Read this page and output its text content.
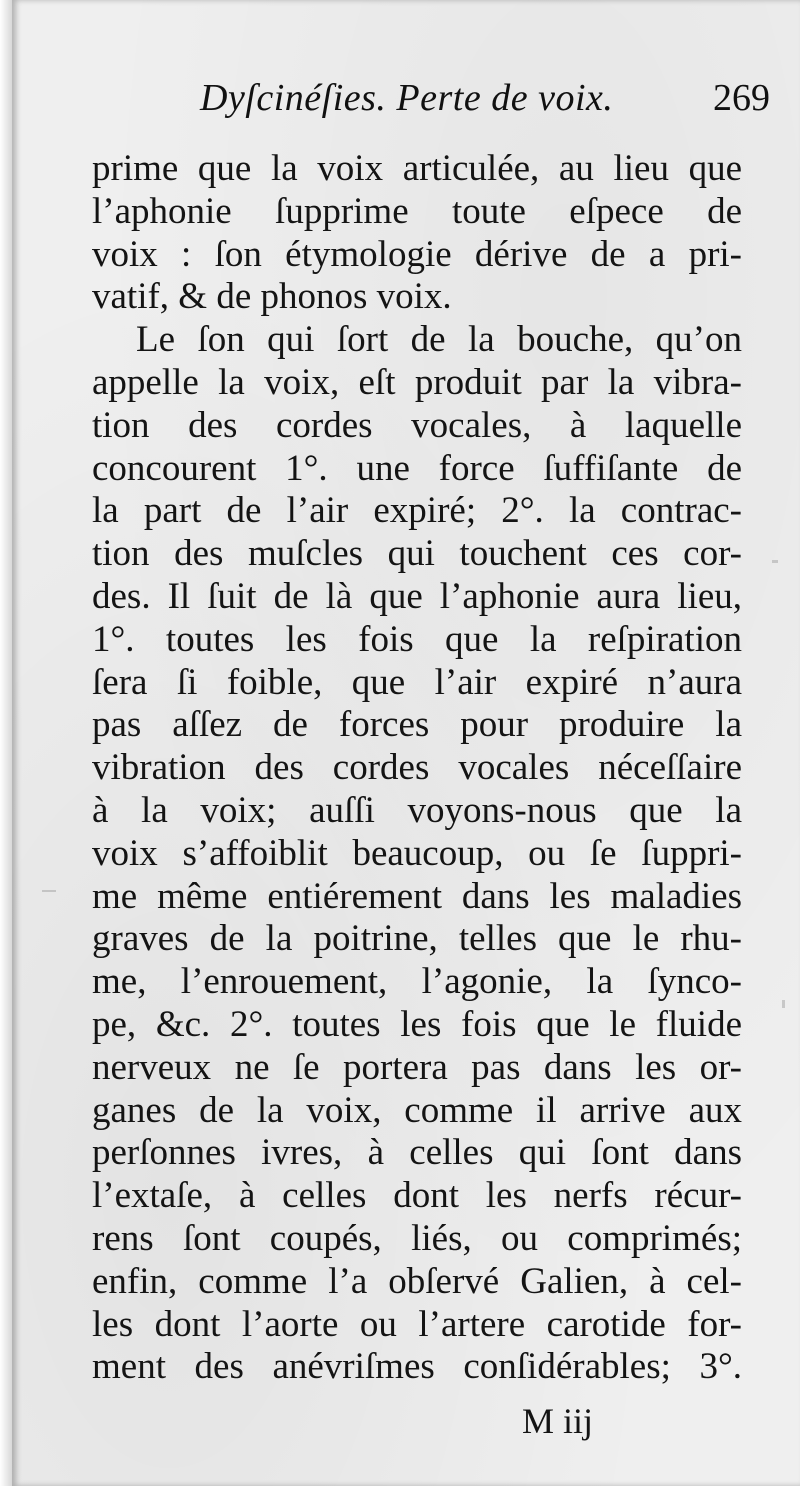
Dyſcinéſies. Perte de voix.	269
prime que la voix articulée, au lieu que
l’aphonie ſupprime toute eſpece de
voix : ſon étymologie dérive de a pri-
vatif, & de phonos voix.
Le ſon qui ſort de la bouche, qu’on
appelle la voix, eſt produit par la vibra-
tion des cordes vocales, à laquelle
concourent 1°. une force ſuffiſante de
la part de l’air expiré; 2°. la contrac-
tion des muſcles qui touchent ces cor-
des. Il ſuit de là que l’aphonie aura lieu,
1°. toutes les fois que la reſpiration
ſera ſi foible, que l’air expiré n’aura
pas aſſez de forces pour produire la
vibration des cordes vocales néceſſaire
à la voix; auſſi voyons-nous que la
voix s’affoiblit beaucoup, ou ſe ſuppri-
me même entiérement dans les maladies
graves de la poitrine, telles que le rhu-
me, l’enrouement, l’agonie, la ſynco-
pe, &c. 2°. toutes les fois que le fluide
nerveux ne ſe portera pas dans les or-
ganes de la voix, comme il arrive aux
perſonnes ivres, à celles qui ſont dans
l’extaſe, à celles dont les nerfs récur-
rens ſont coupés, liés, ou comprimés;
enfin, comme l’a obſervé Galien, à cel-
les dont l’aorte ou l’artere carotide for-
ment des anévriſmes conſidérables; 3°.
M iij
